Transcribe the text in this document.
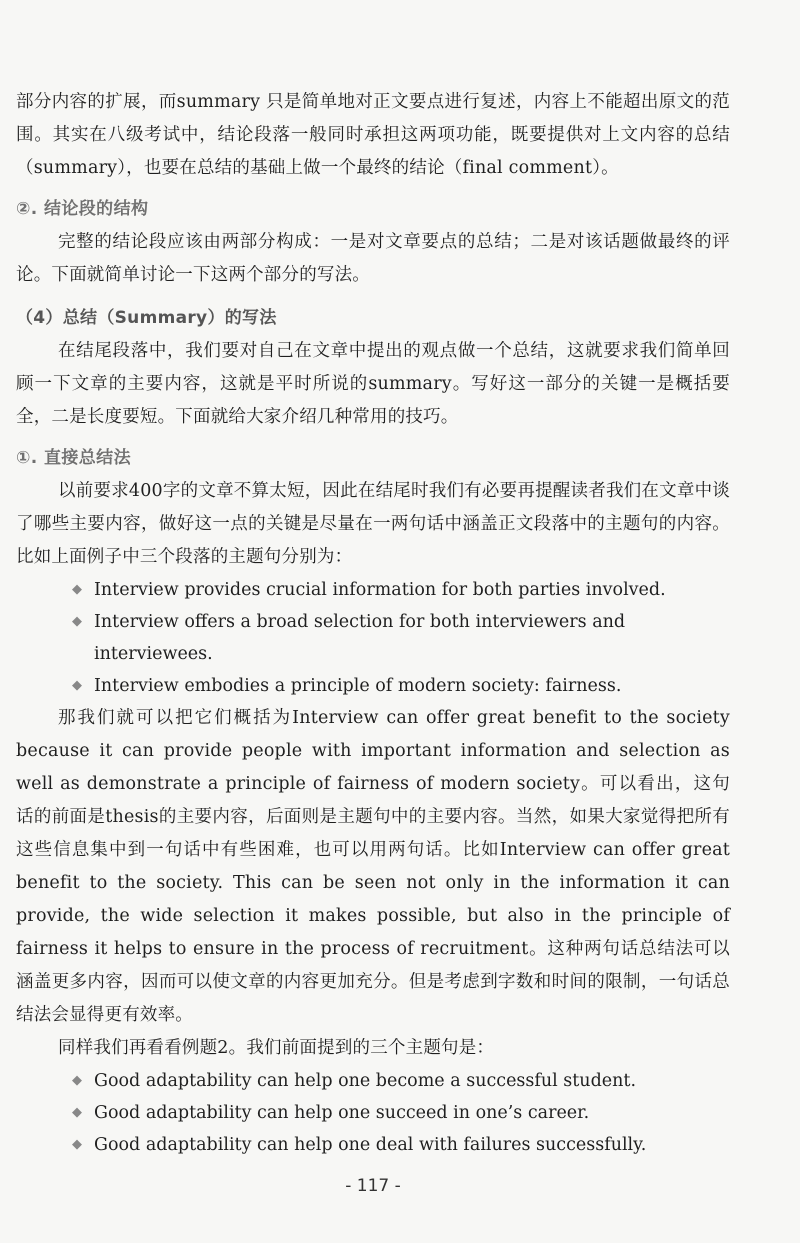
部分内容的扩展，而summary 只是简单地对正文要点进行复述，内容上不能超出原文的范围。其实在八级考试中，结论段落一般同时承担这两项功能，既要提供对上文内容的总结（summary），也要在总结的基础上做一个最终的结论（final comment）。

②. 结论段的结构

完整的结论段应该由两部分构成：一是对文章要点的总结；二是对该话题做最终的评论。下面就简单讨论一下这两个部分的写法。

（4）总结（Summary）的写法

在结尾段落中，我们要对自己在文章中提出的观点做一个总结，这就要求我们简单回顾一下文章的主要内容，这就是平时所说的summary。写好这一部分的关键一是概括要全，二是长度要短。下面就给大家介绍几种常用的技巧。

①. 直接总结法

以前要求400字的文章不算太短，因此在结尾时我们有必要再提醒读者我们在文章中谈了哪些主要内容，做好这一点的关键是尽量在一两句话中涵盖正文段落中的主题句的内容。比如上面例子中三个段落的主题句分别为：

◆ Interview provides crucial information for both parties involved.
◆ Interview offers a broad selection for both interviewers and interviewees.
◆ Interview embodies a principle of modern society: fairness.

那我们就可以把它们概括为Interview can offer great benefit to the society because it can provide people with important information and selection as well as demonstrate a principle of fairness of modern society。可以看出，这句话的前面是thesis的主要内容，后面则是主题句中的主要内容。当然，如果大家觉得把所有这些信息集中到一句话中有些困难，也可以用两句话。比如Interview can offer great benefit to the society. This can be seen not only in the information it can provide, the wide selection it makes possible, but also in the principle of fairness it helps to ensure in the process of recruitment。这种两句话总结法可以涵盖更多内容，因而可以使文章的内容更加充分。但是考虑到字数和时间的限制，一句话总结法会显得更有效率。

同样我们再看看例题2。我们前面提到的三个主题句是：

◆ Good adaptability can help one become a successful student.
◆ Good adaptability can help one succeed in one’s career.
◆ Good adaptability can help one deal with failures successfully.
- 117 -
